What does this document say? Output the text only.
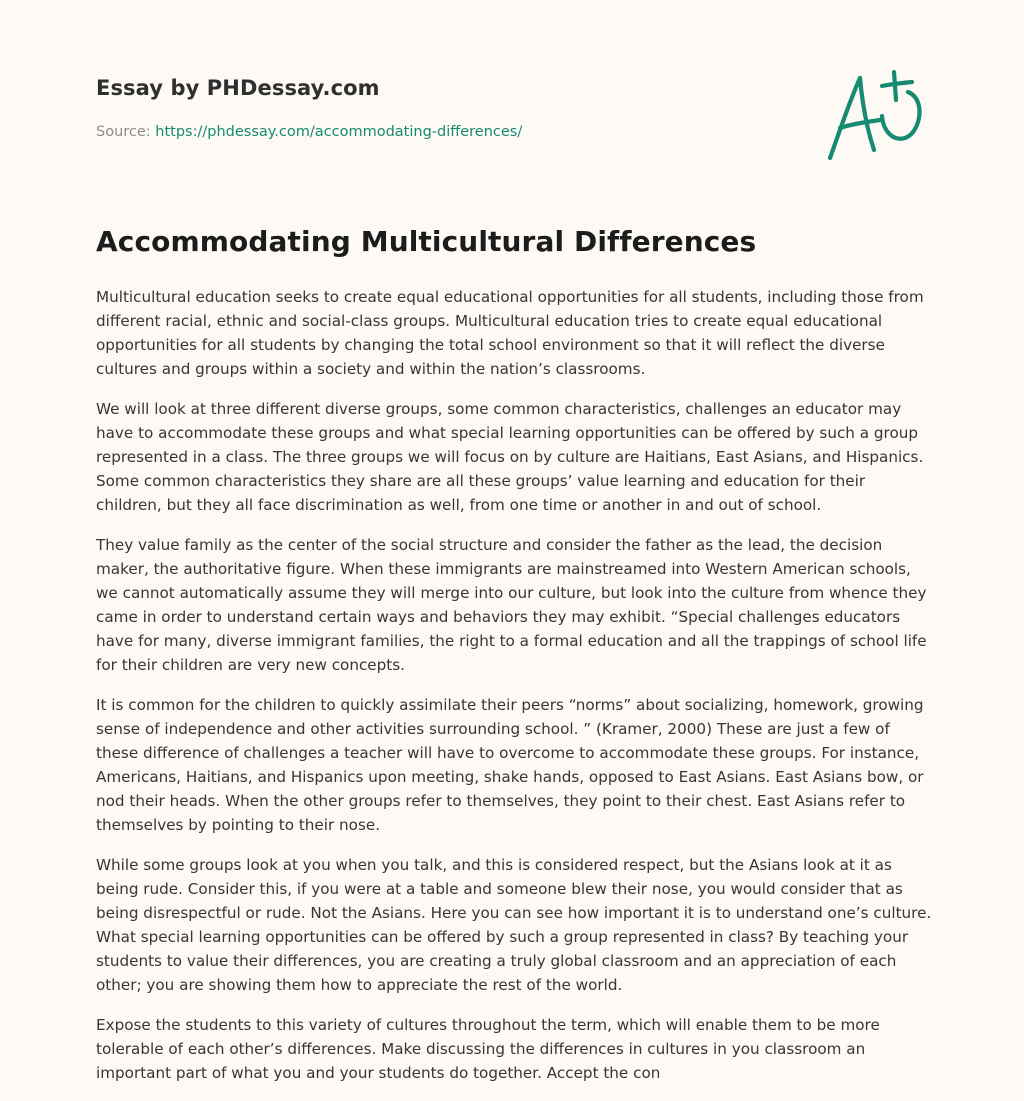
Essay by PHDessay.com
Source: https://phdessay.com/accommodating-differences/
Accommodating Multicultural Differences

Multicultural education seeks to create equal educational opportunities for all students, including those from different racial, ethnic and social-class groups. Multicultural education tries to create equal educational opportunities for all students by changing the total school environment so that it will reflect the diverse cultures and groups within a society and within the nation’s classrooms.

We will look at three different diverse groups, some common characteristics, challenges an educator may have to accommodate these groups and what special learning opportunities can be offered by such a group represented in a class. The three groups we will focus on by culture are Haitians, East Asians, and Hispanics. Some common characteristics they share are all these groups’ value learning and education for their children, but they all face discrimination as well, from one time or another in and out of school.

They value family as the center of the social structure and consider the father as the lead, the decision maker, the authoritative figure. When these immigrants are mainstreamed into Western American schools, we cannot automatically assume they will merge into our culture, but look into the culture from whence they came in order to understand certain ways and behaviors they may exhibit. “Special challenges educators have for many, diverse immigrant families, the right to a formal education and all the trappings of school life for their children are very new concepts.

It is common for the children to quickly assimilate their peers “norms” about socializing, homework, growing sense of independence and other activities surrounding school. ” (Kramer, 2000) These are just a few of these difference of challenges a teacher will have to overcome to accommodate these groups. For instance, Americans, Haitians, and Hispanics upon meeting, shake hands, opposed to East Asians. East Asians bow, or nod their heads. When the other groups refer to themselves, they point to their chest. East Asians refer to themselves by pointing to their nose.

While some groups look at you when you talk, and this is considered respect, but the Asians look at it as being rude. Consider this, if you were at a table and someone blew their nose, you would consider that as being disrespectful or rude. Not the Asians. Here you can see how important it is to understand one’s culture. What special learning opportunities can be offered by such a group represented in class? By teaching your students to value their differences, you are creating a truly global classroom and an appreciation of each other; you are showing them how to appreciate the rest of the world.

Expose the students to this variety of cultures throughout the term, which will enable them to be more tolerable of each other’s differences. Make discussing the differences in cultures in you classroom an important part of what you and your students do together. Accept the con
